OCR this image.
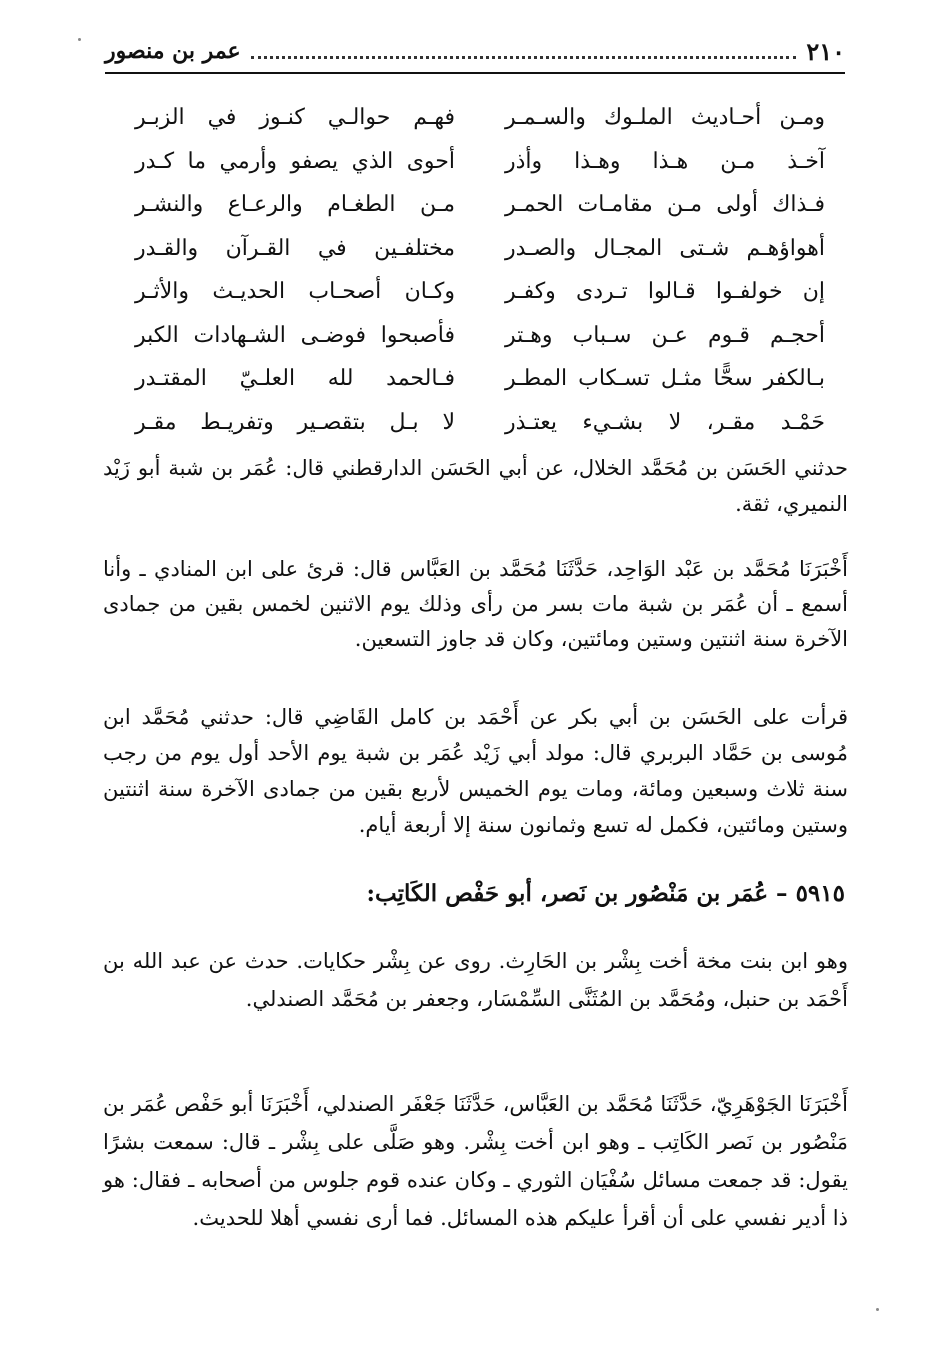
٢١٠
عمر بن منصور
ومـن أحـاديث الملـوك والسـمـر
فهـم حوالـي كنـوز في الزبـر
آخـذ مـن هـذا وهـذا وأذر
أحوى الذي يصفو وأرمي ما كـدر
فـذاك أولى مـن مقامـات الحمـر
مـن الطغـام والرعـاع والنشـر
أهواؤهـم شـتى المجـال والصـدر
مختلفـين في القـرآن والقـدر
إن خولفـوا قـالوا تـردى وكفـر
وكـان أصحـاب الحديـث والأثـر
أحجـم قـوم عـن سـباب وهـتر
فأصبحوا فوضـى الشـهادات الكبر
بـالكفر سحًّا مثـل تسـكاب المطـر
فـالحمد لله العلـيّ المقتـدر
حَمْـد مقـر، لا بشـيء يعتـذر
لا بـل بتقصـير وتفريـط مقـر

حدثني الحَسَن بن مُحَمَّد الخلال، عن أبي الحَسَن الدارقطني قال: عُمَر بن شبة أبو زَيْد النميري، ثقة.

أَخْبَرَنَا مُحَمَّد بن عَبْد الوَاحِد، حَدَّثَنَا مُحَمَّد بن العَبَّاس قال: قرئ على ابن المنادي ـ وأنا أسمع ـ أن عُمَر بن شبة مات بسر من رأى وذلك يوم الاثنين لخمس بقين من جمادى الآخرة سنة اثنتين وستين ومائتين، وكان قد جاوز التسعين.

قرأت على الحَسَن بن أبي بكر عن أَحْمَد بن كامل القَاضِي قال: حدثني مُحَمَّد ابن مُوسى بن حَمَّاد البربري قال: مولد أبي زَيْد عُمَر بن شبة يوم الأحد أول يوم من رجب سنة ثلاث وسبعين ومائة، ومات يوم الخميس لأربع بقين من جمادى الآخرة سنة اثنتين وستين ومائتين، فكمل له تسع وثمانون سنة إلا أربعة أيام.

٥٩١٥ – عُمَر بن مَنْصُور بن نَصر، أبو حَفْص الكَاتِب:

وهو ابن بنت مخة أخت بِشْر بن الحَارِث. روى عن بِشْر حكايات. حدث عن عبد الله بن أَحْمَد بن حنبل، ومُحَمَّد بن المُثَنَّى السِّمْسَار، وجعفر بن مُحَمَّد الصندلي.

أَخْبَرَنَا الجَوْهَرِيّ، حَدَّثَنَا مُحَمَّد بن العَبَّاس، حَدَّثَنَا جَعْفَر الصندلي، أَخْبَرَنَا أبو حَفْص عُمَر بن مَنْصُور بن نَصر الكَاتِب ـ وهو ابن أخت بِشْر. وهو صَلَّى على بِشْر ـ قال: سمعت بشرًا يقول: قد جمعت مسائل سُفْيَان الثوري ـ وكان عنده قوم جلوس من أصحابه ـ فقال: هو ذا أدير نفسي على أن أقرأ عليكم هذه المسائل. فما أرى نفسي أهلا للحديث.
